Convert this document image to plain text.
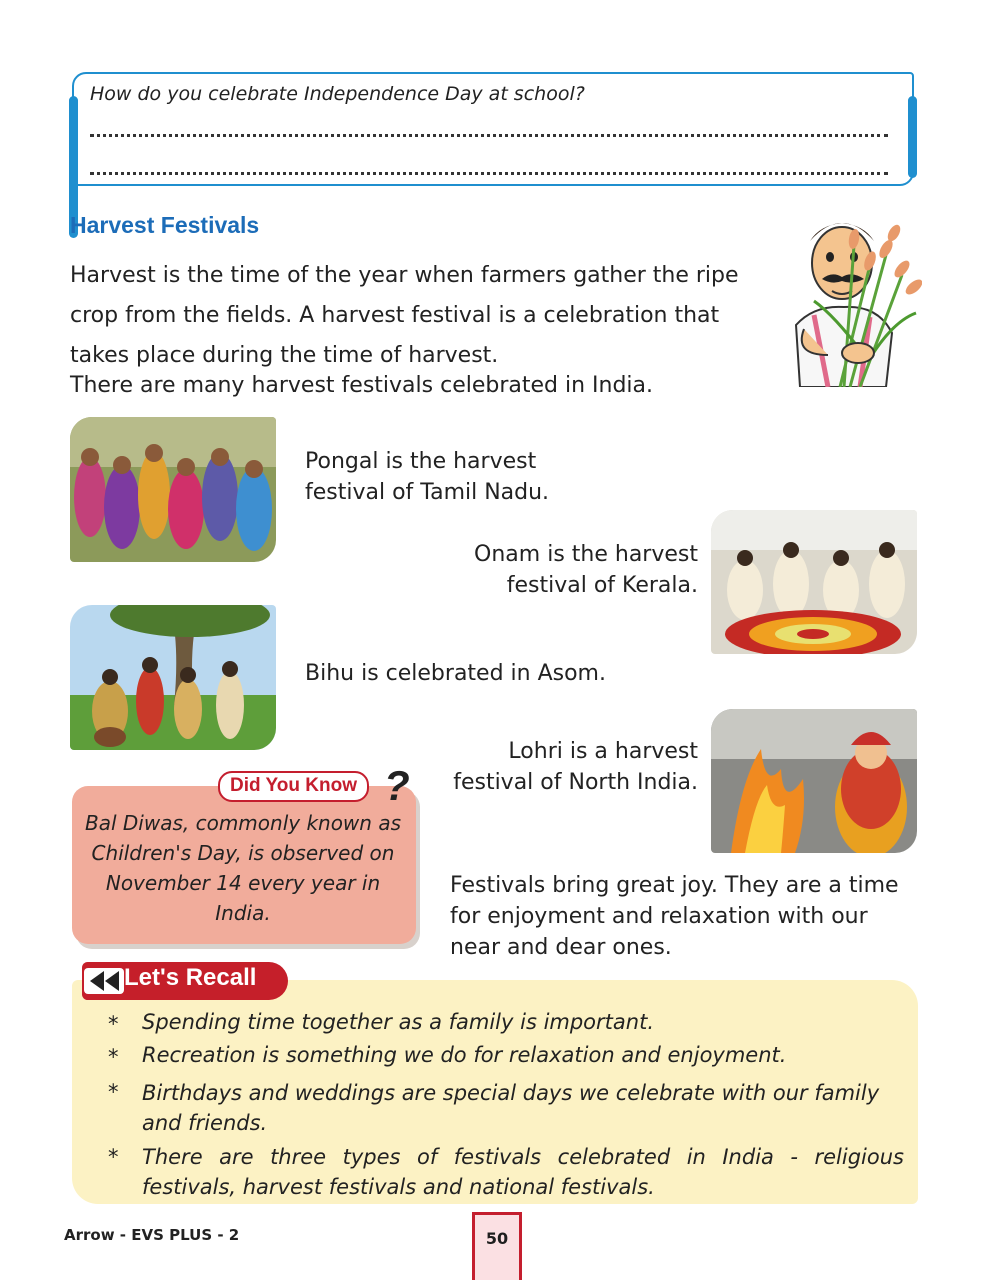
How do you celebrate Independence Day at school?
Harvest Festivals
Harvest is the time of the year when farmers gather the ripe crop from the fields. A harvest festival is a celebration that takes place during the time of harvest.
There are many harvest festivals celebrated in India.
Pongal is the harvest festival of Tamil Nadu.
Onam is the harvest festival of Kerala.
Bihu is celebrated in Asom.
Lohri is a harvest festival of North India.
Did You Know ?
Bal Diwas, commonly known as Children's Day, is observed on November 14 every year in India.
Festivals bring great joy. They are a time for enjoyment and relaxation with our near and dear ones.
Let's Recall
* Spending time together as a family is important.
* Recreation is something we do for relaxation and enjoyment.
* Birthdays and weddings are special days we celebrate with our family and friends.
* There are three types of festivals celebrated in India - religious festivals, harvest festivals and national festivals.
Arrow - EVS PLUS - 2	50
